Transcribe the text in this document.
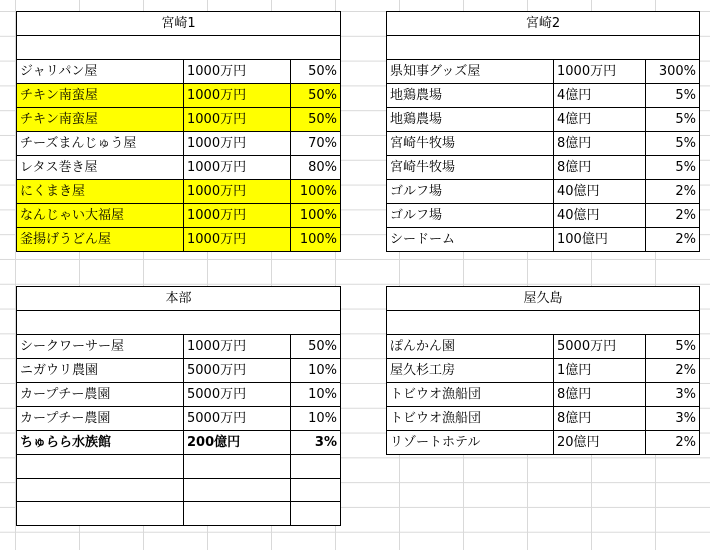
宮崎1		

ジャリパン屋	1000万円	50%
チキン南蛮屋	1000万円	50%
チキン南蛮屋	1000万円	50%
チーズまんじゅう屋	1000万円	70%
レタス巻き屋	1000万円	80%
にくまき屋	1000万円	100%
なんじゃい大福屋	1000万円	100%
釜揚げうどん屋	1000万円	100%
宮崎2		

県知事グッズ屋	1000万円	300%
地鶏農場	4億円	5%
地鶏農場	4億円	5%
宮崎牛牧場	8億円	5%
宮崎牛牧場	8億円	5%
ゴルフ場	40億円	2%
ゴルフ場	40億円	2%
シードーム	100億円	2%
本部		

シークワーサー屋	1000万円	50%
ニガウリ農園	5000万円	10%
カープチー農園	5000万円	10%
カープチー農園	5000万円	10%
ちゅらら水族館	200億円	3%

屋久島		

ぽんかん園	5000万円	5%
屋久杉工房	1億円	2%
トビウオ漁船団	8億円	3%
トビウオ漁船団	8億円	3%
リゾートホテル	20億円	2%
